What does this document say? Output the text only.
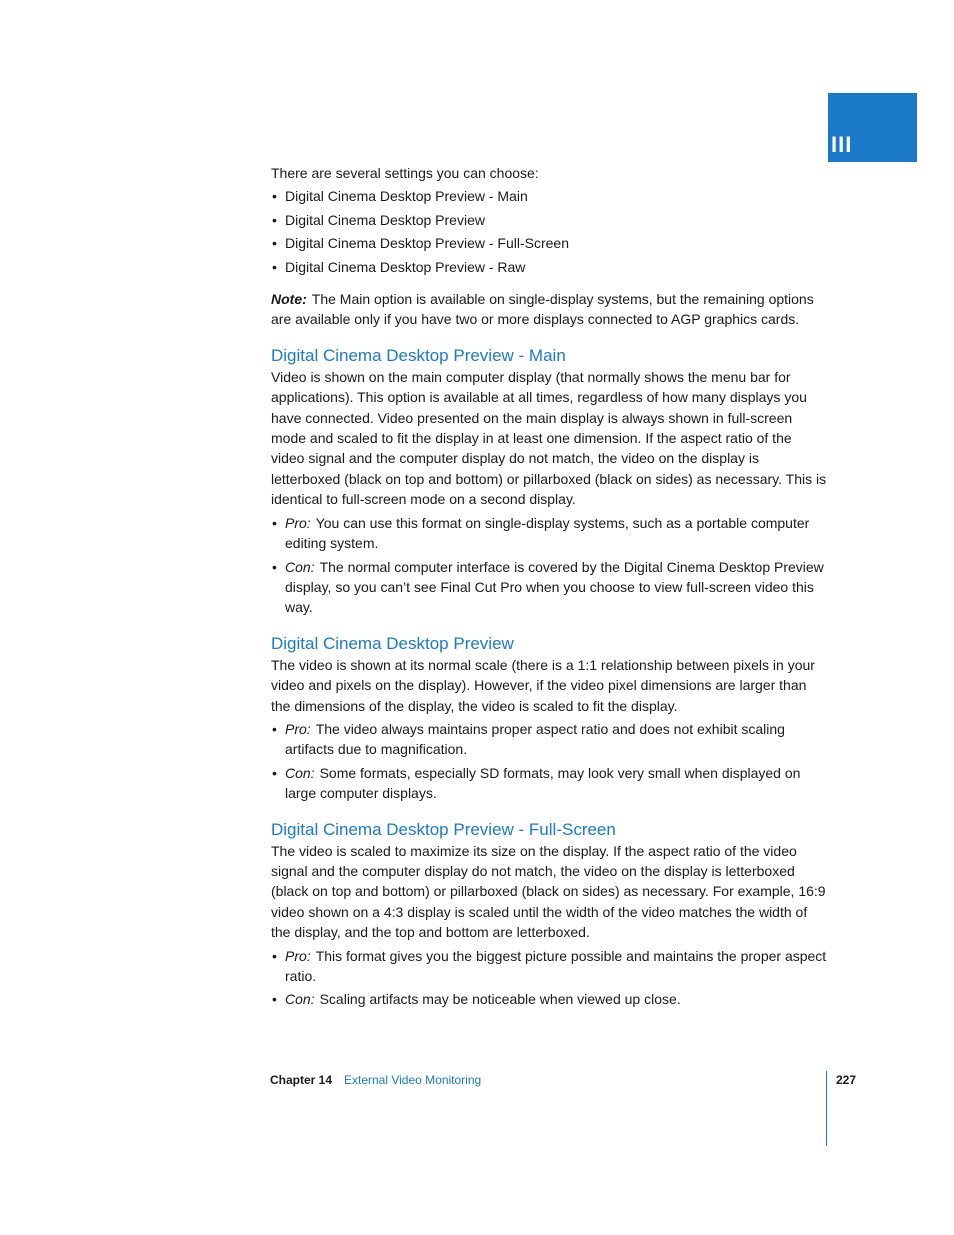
III

There are several settings you can choose:

• Digital Cinema Desktop Preview - Main
• Digital Cinema Desktop Preview
• Digital Cinema Desktop Preview - Full-Screen
• Digital Cinema Desktop Preview - Raw

Note: The Main option is available on single-display systems, but the remaining options are available only if you have two or more displays connected to AGP graphics cards.

Digital Cinema Desktop Preview - Main

Video is shown on the main computer display (that normally shows the menu bar for applications). This option is available at all times, regardless of how many displays you have connected. Video presented on the main display is always shown in full-screen mode and scaled to fit the display in at least one dimension. If the aspect ratio of the video signal and the computer display do not match, the video on the display is letterboxed (black on top and bottom) or pillarboxed (black on sides) as necessary. This is identical to full-screen mode on a second display.

• Pro: You can use this format on single-display systems, such as a portable computer editing system.
• Con: The normal computer interface is covered by the Digital Cinema Desktop Preview display, so you can’t see Final Cut Pro when you choose to view full-screen video this way.
Digital Cinema Desktop Preview

The video is shown at its normal scale (there is a 1:1 relationship between pixels in your video and pixels on the display). However, if the video pixel dimensions are larger than the dimensions of the display, the video is scaled to fit the display.

• Pro: The video always maintains proper aspect ratio and does not exhibit scaling artifacts due to magnification.
• Con: Some formats, especially SD formats, may look very small when displayed on large computer displays.
Digital Cinema Desktop Preview - Full-Screen

The video is scaled to maximize its size on the display. If the aspect ratio of the video signal and the computer display do not match, the video on the display is letterboxed (black on top and bottom) or pillarboxed (black on sides) as necessary. For example, 16:9 video shown on a 4:3 display is scaled until the width of the video matches the width of the display, and the top and bottom are letterboxed.

• Pro: This format gives you the biggest picture possible and maintains the proper aspect ratio.
• Con: Scaling artifacts may be noticeable when viewed up close.
Chapter 14 External Video Monitoring	227
